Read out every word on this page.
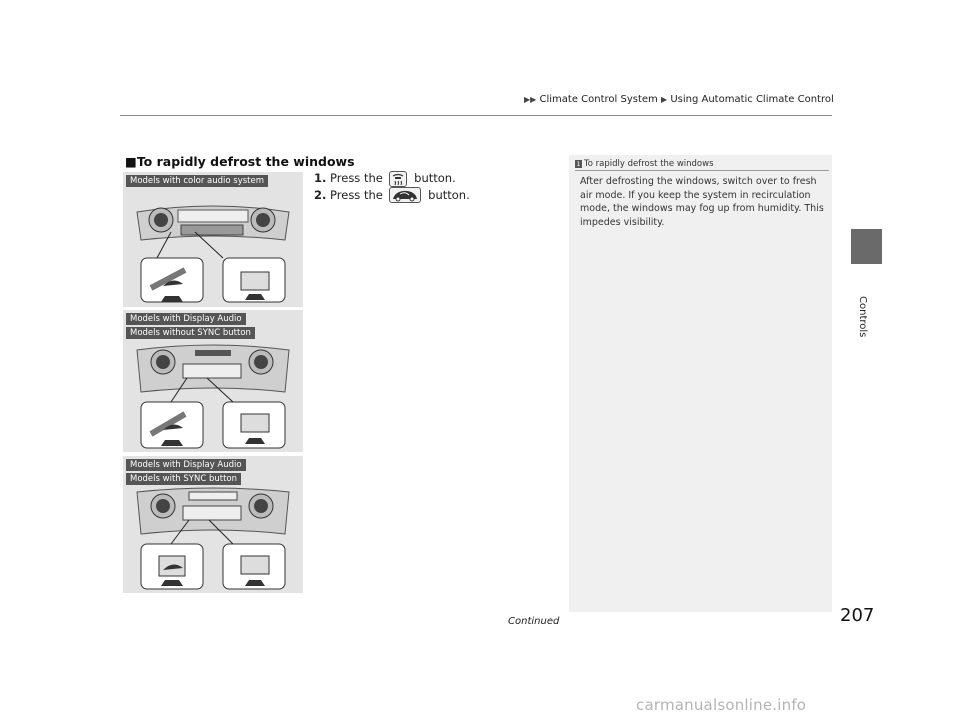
▶▶ Climate Control System ▶ Using Automatic Climate Control
Controls
■To rapidly defrost the windows
1. Press the	button.
2. Press the	button.
Models with color audio system
Models with Display Audio
Models without SYNC button
Models with Display Audio
Models with SYNC button
1 To rapidly defrost the windows
After defrosting the windows, switch over to fresh air mode. If you keep the system in recirculation mode, the windows may fog up from humidity. This impedes visibility.
Continued	207
carmanualsonline.info
